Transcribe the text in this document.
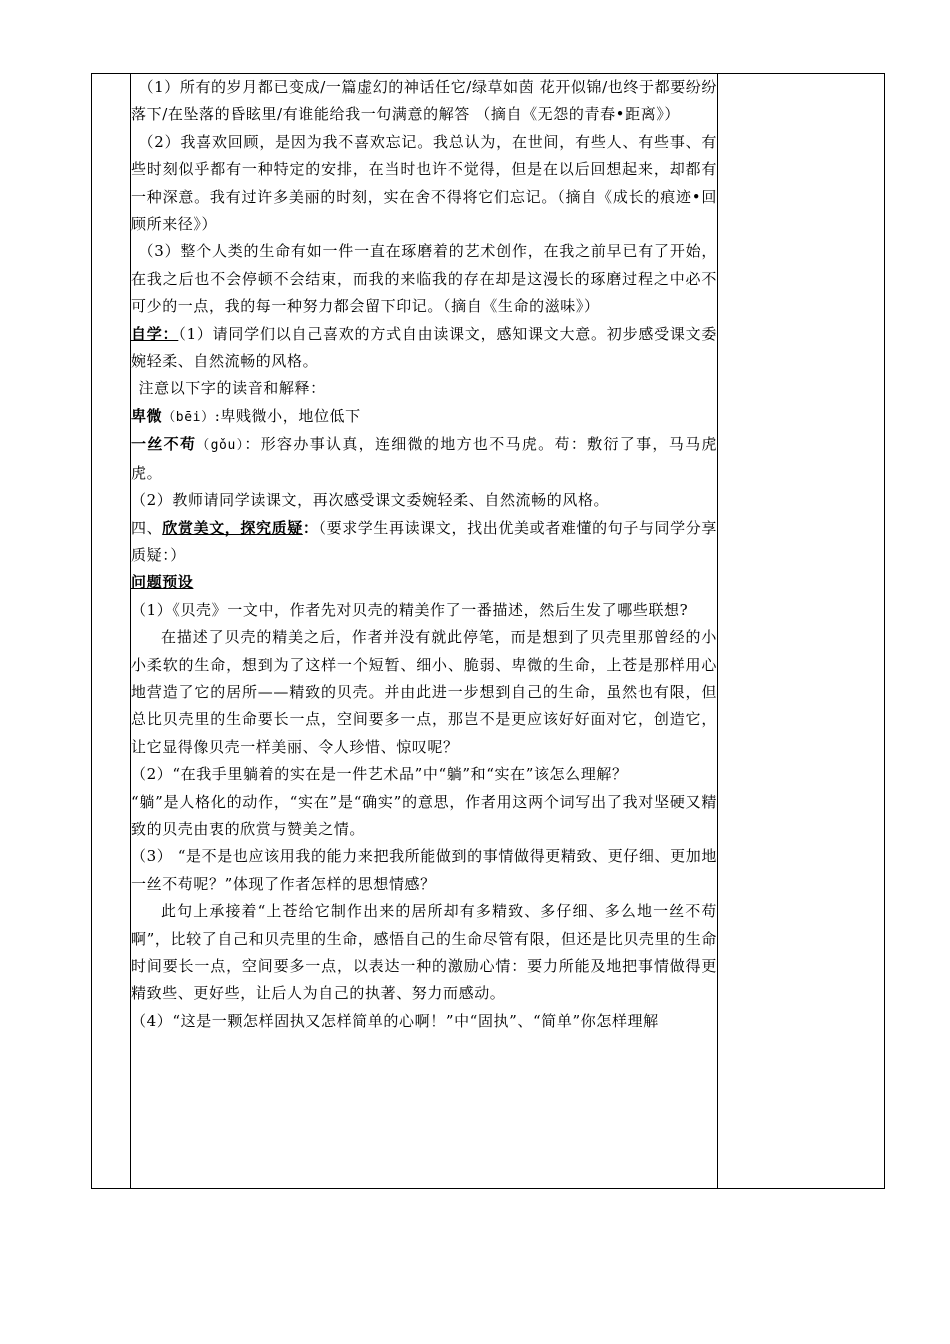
（1）所有的岁月都已变成/一篇虚幻的神话任它/绿草如茵 花开似锦/也终于都要纷纷落下/在坠落的昏眩里/有谁能给我一句满意的解答 （摘自《无怨的青春•距离》）

（2）我喜欢回顾，是因为我不喜欢忘记。我总认为，在世间，有些人、有些事、有些时刻似乎都有一种特定的安排，在当时也许不觉得，但是在以后回想起来，却都有一种深意。我有过许多美丽的时刻，实在舍不得将它们忘记。（摘自《成长的痕迹•回顾所来径》）

（3）整个人类的生命有如一件一直在琢磨着的艺术创作，在我之前早已有了开始，在我之后也不会停顿不会结束，而我的来临我的存在却是这漫长的琢磨过程之中必不可少的一点，我的每一种努力都会留下印记。（摘自《生命的滋味》）

自学：（1）请同学们以自己喜欢的方式自由读课文，感知课文大意。初步感受课文委婉轻柔、自然流畅的风格。

注意以下字的读音和解释：

卑微（bēi）:卑贱微小，地位低下

一丝不苟（gǒu）：形容办事认真，连细微的地方也不马虎。苟：敷衍了事，马马虎虎。

（2）教师请同学读课文，再次感受课文委婉轻柔、自然流畅的风格。

四、欣赏美文，探究质疑：（要求学生再读课文，找出优美或者难懂的句子与同学分享质疑：）

问题预设

（1）《贝壳》一文中，作者先对贝壳的精美作了一番描述，然后生发了哪些联想?

在描述了贝壳的精美之后，作者并没有就此停笔，而是想到了贝壳里那曾经的小小柔软的生命，想到为了这样一个短暂、细小、脆弱、卑微的生命，上苍是那样用心地营造了它的居所——精致的贝壳。并由此进一步想到自己的生命，虽然也有限，但总比贝壳里的生命要长一点，空间要多一点，那岂不是更应该好好面对它，创造它，让它显得像贝壳一样美丽、令人珍惜、惊叹呢？

（2）“在我手里躺着的实在是一件艺术品”中“躺”和“实在”该怎么理解？

“躺”是人格化的动作，“实在”是“确实”的意思，作者用这两个词写出了我对坚硬又精致的贝壳由衷的欣赏与赞美之情。

（3） “是不是也应该用我的能力来把我所能做到的事情做得更精致、更仔细、更加地一丝不苟呢？”体现了作者怎样的思想情感？

此句上承接着“上苍给它制作出来的居所却有多精致、多仔细、多么地一丝不苟啊”，比较了自己和贝壳里的生命，感悟自己的生命尽管有限，但还是比贝壳里的生命时间要长一点，空间要多一点，以表达一种的激励心情：要力所能及地把事情做得更精致些、更好些，让后人为自己的执著、努力而感动。

（4）“这是一颗怎样固执又怎样简单的心啊！”中“固执”、“简单”你怎样理解
